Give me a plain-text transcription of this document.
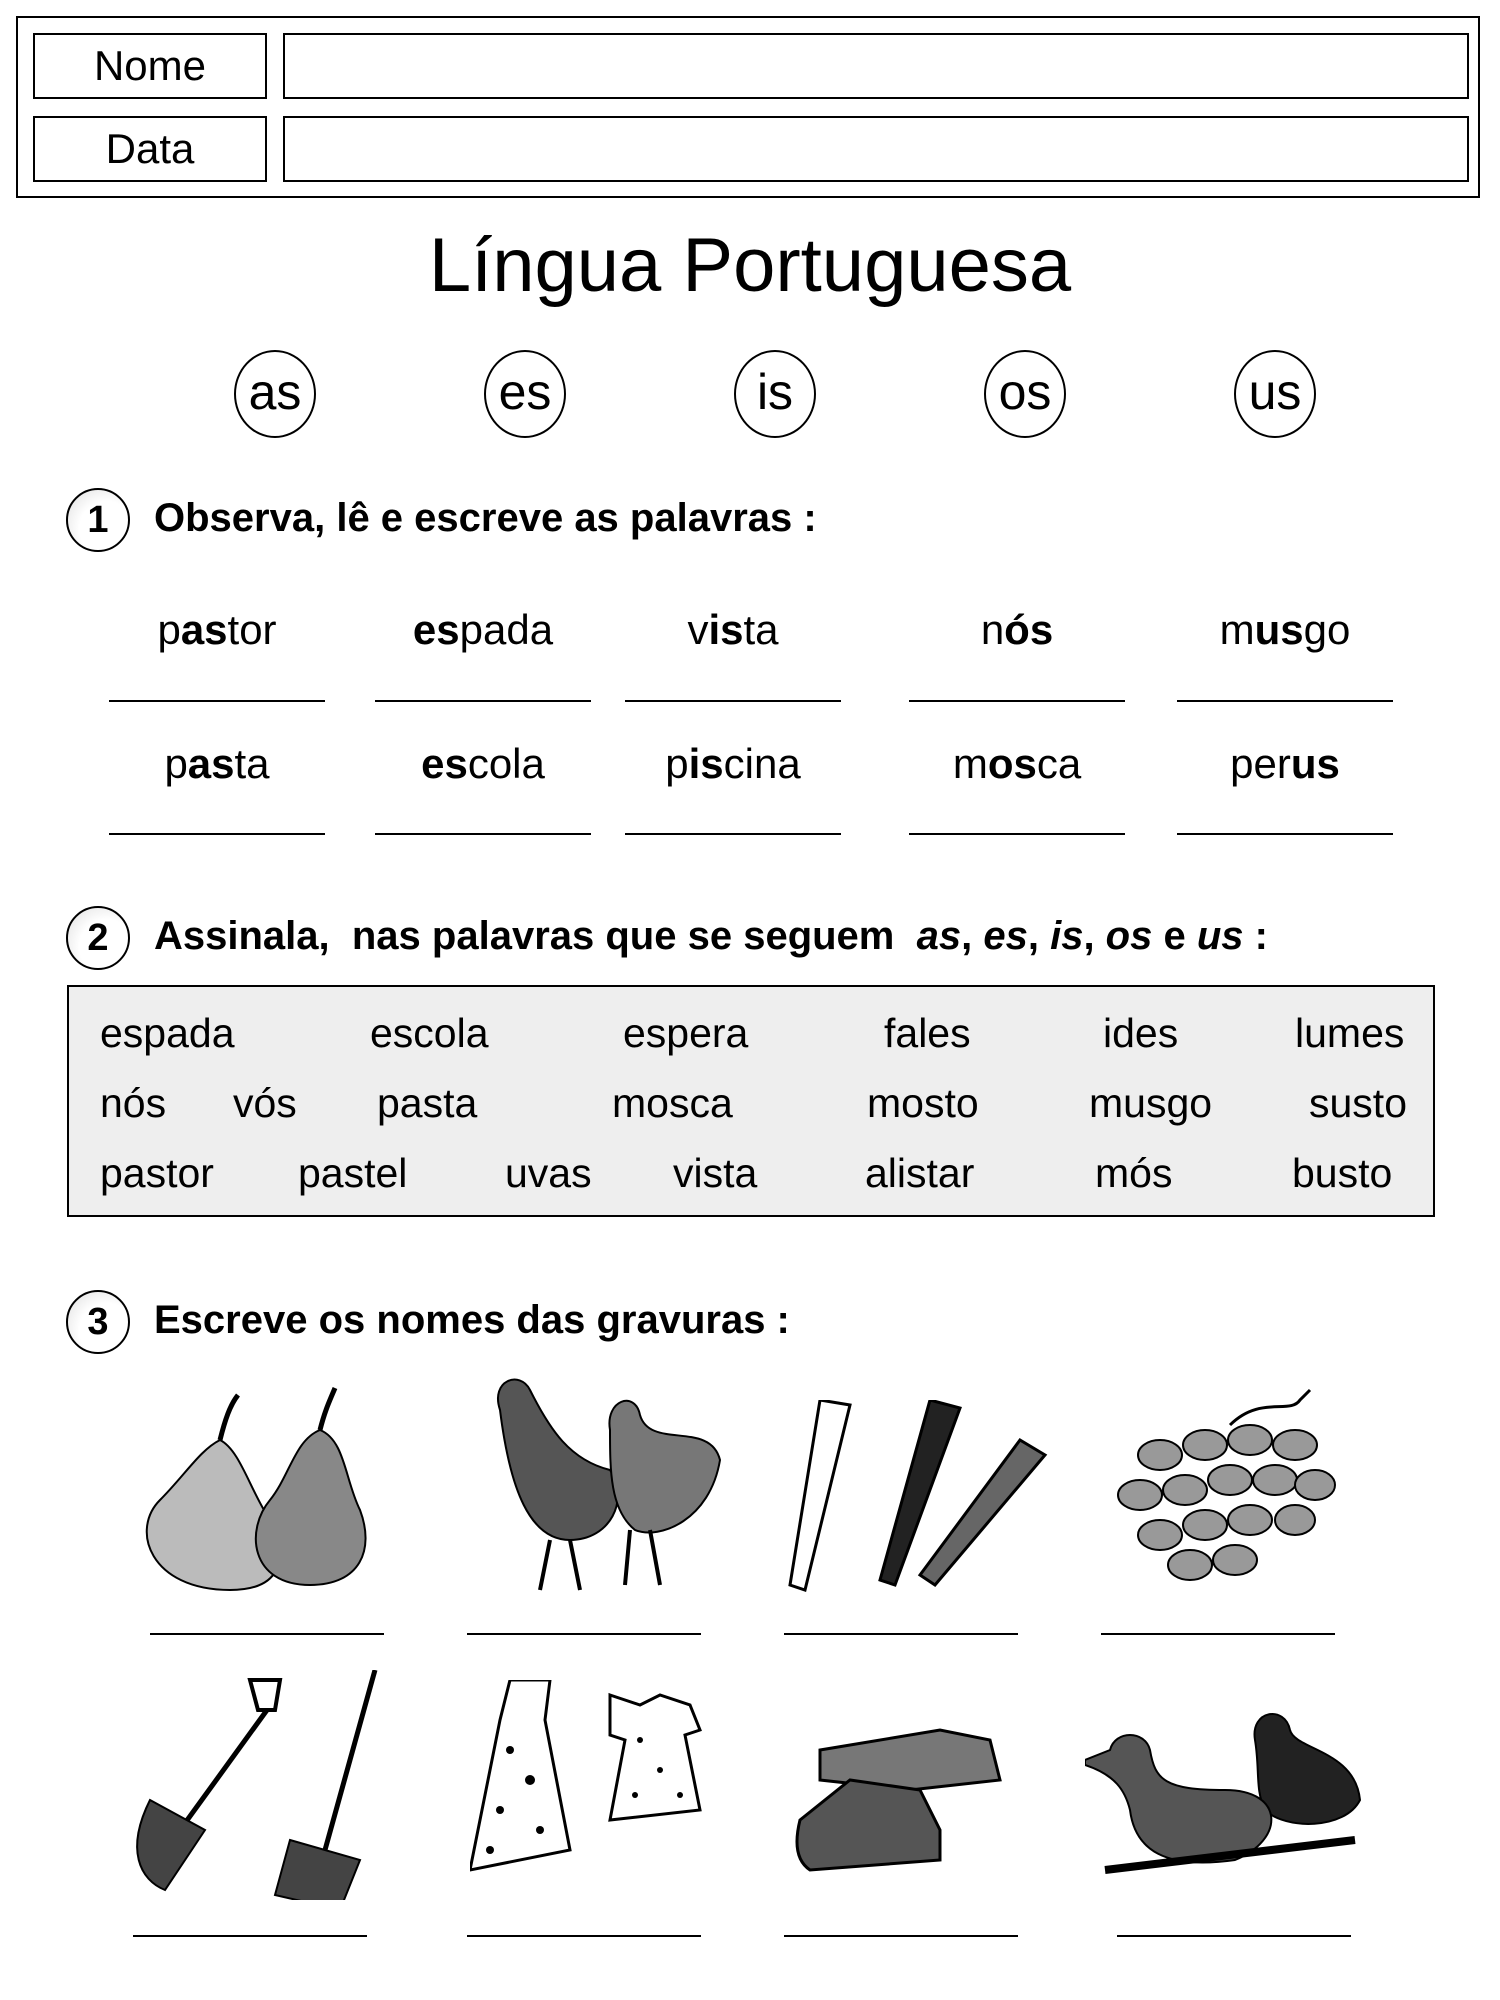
Nome
Data
Língua Portuguesa
as	es	is	os	us
1	Observa, lê e escreve as palavras :
pastor	espada	vista	nós	musgo
pasta	escola	piscina	mosca	perus
2	Assinala,  nas palavras que se seguem  as, es, is, os e us :
espada	escola	espera	fales	ides	lumes
nós vós pasta	mosca	mosto	musgo susto
pastor pastel uvas vista	alistar	mós	busto
3	Escreve os nomes das gravuras :
